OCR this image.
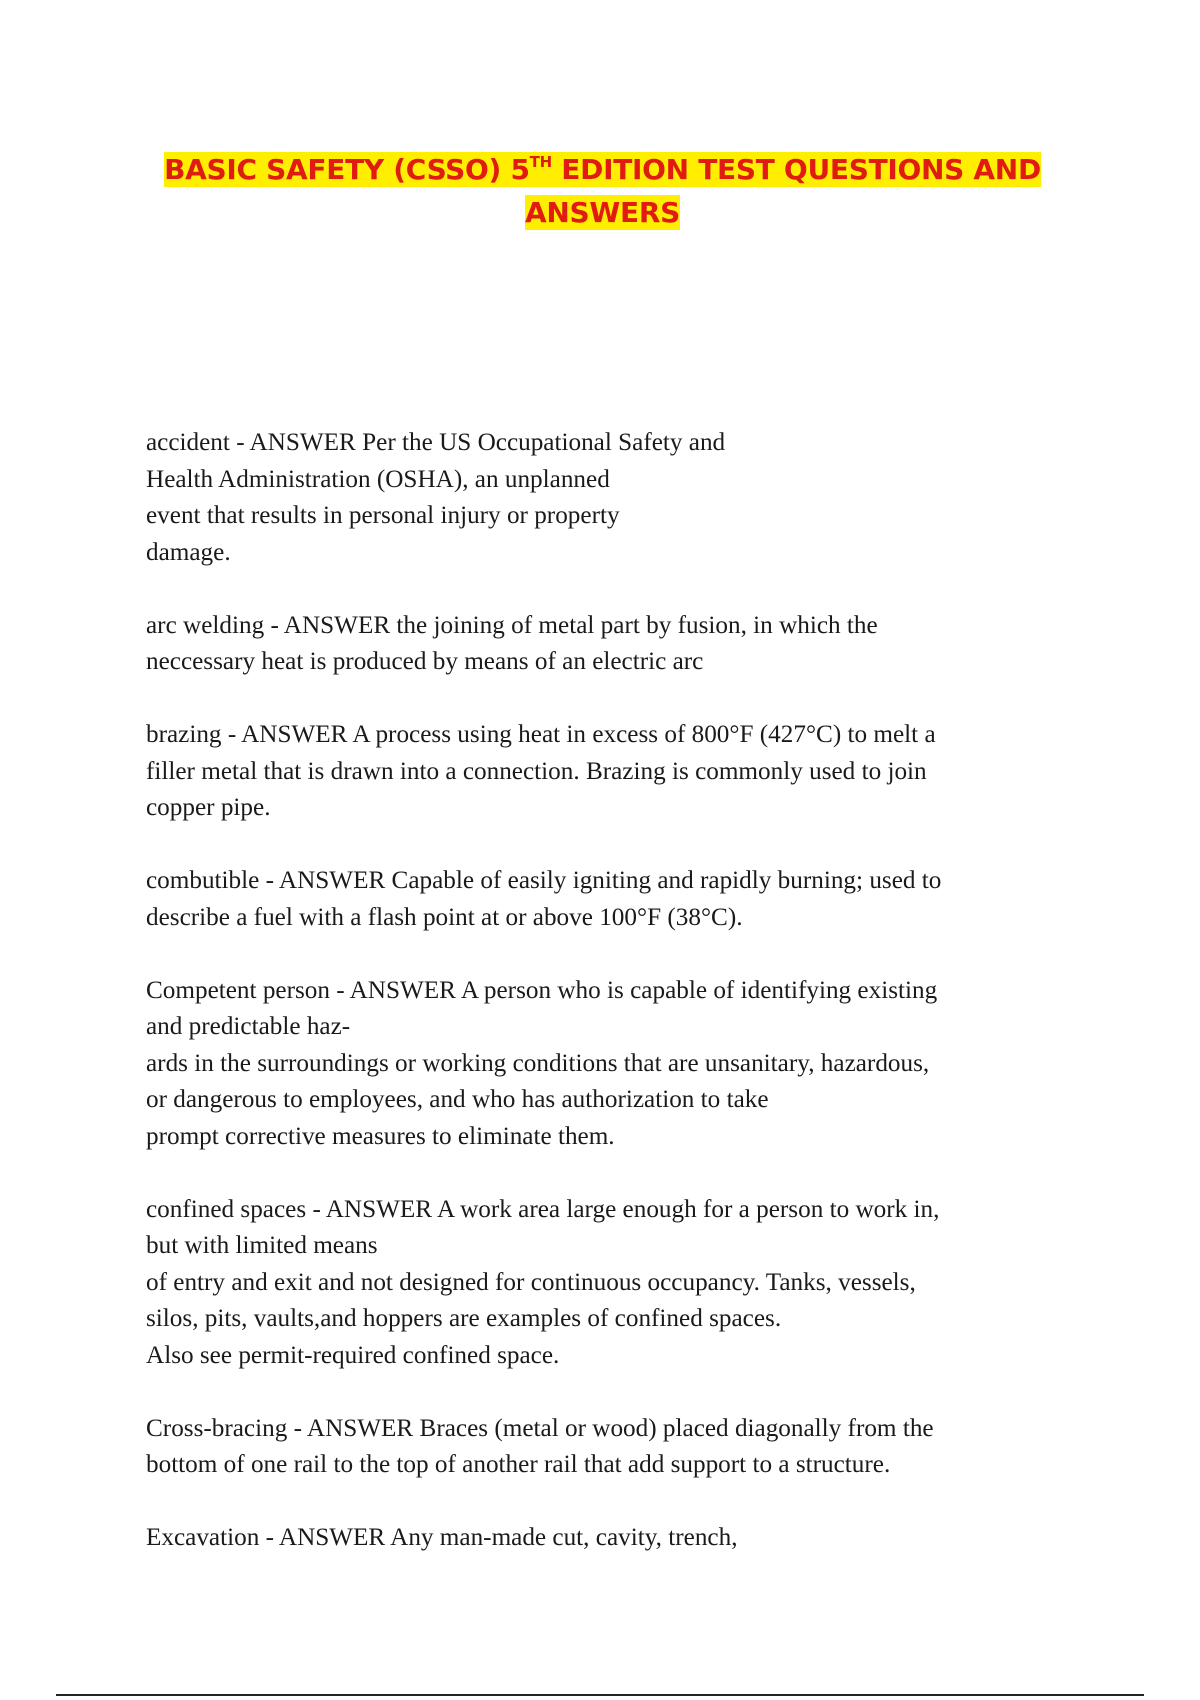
BASIC SAFETY (CSSO) 5TH EDITION TEST QUESTIONS AND
ANSWERS
accident - ANSWER Per the US Occupational Safety and
Health Administration (OSHA), an unplanned
event that results in personal injury or property
damage.
arc welding - ANSWER the joining of metal part by fusion, in which the
neccessary heat is produced by means of an electric arc
brazing - ANSWER A process using heat in excess of 800°F (427°C) to melt a
filler metal that is drawn into a connection. Brazing is commonly used to join
copper pipe.
combutible - ANSWER Capable of easily igniting and rapidly burning; used to
describe a fuel with a flash point at or above 100°F (38°C).
Competent person - ANSWER A person who is capable of identifying existing
and predictable haz-
ards in the surroundings or working conditions that are unsanitary, hazardous,
or dangerous to employees, and who has authorization to take
prompt corrective measures to eliminate them.
confined spaces - ANSWER A work area large enough for a person to work in,
but with limited means
of entry and exit and not designed for continuous occupancy. Tanks, vessels,
silos, pits, vaults,and hoppers are examples of confined spaces.
Also see permit-required confined space.
Cross-bracing - ANSWER Braces (metal or wood) placed diagonally from the
bottom of one rail to the top of another rail that add support to a structure.
Excavation - ANSWER Any man-made cut, cavity, trench,
